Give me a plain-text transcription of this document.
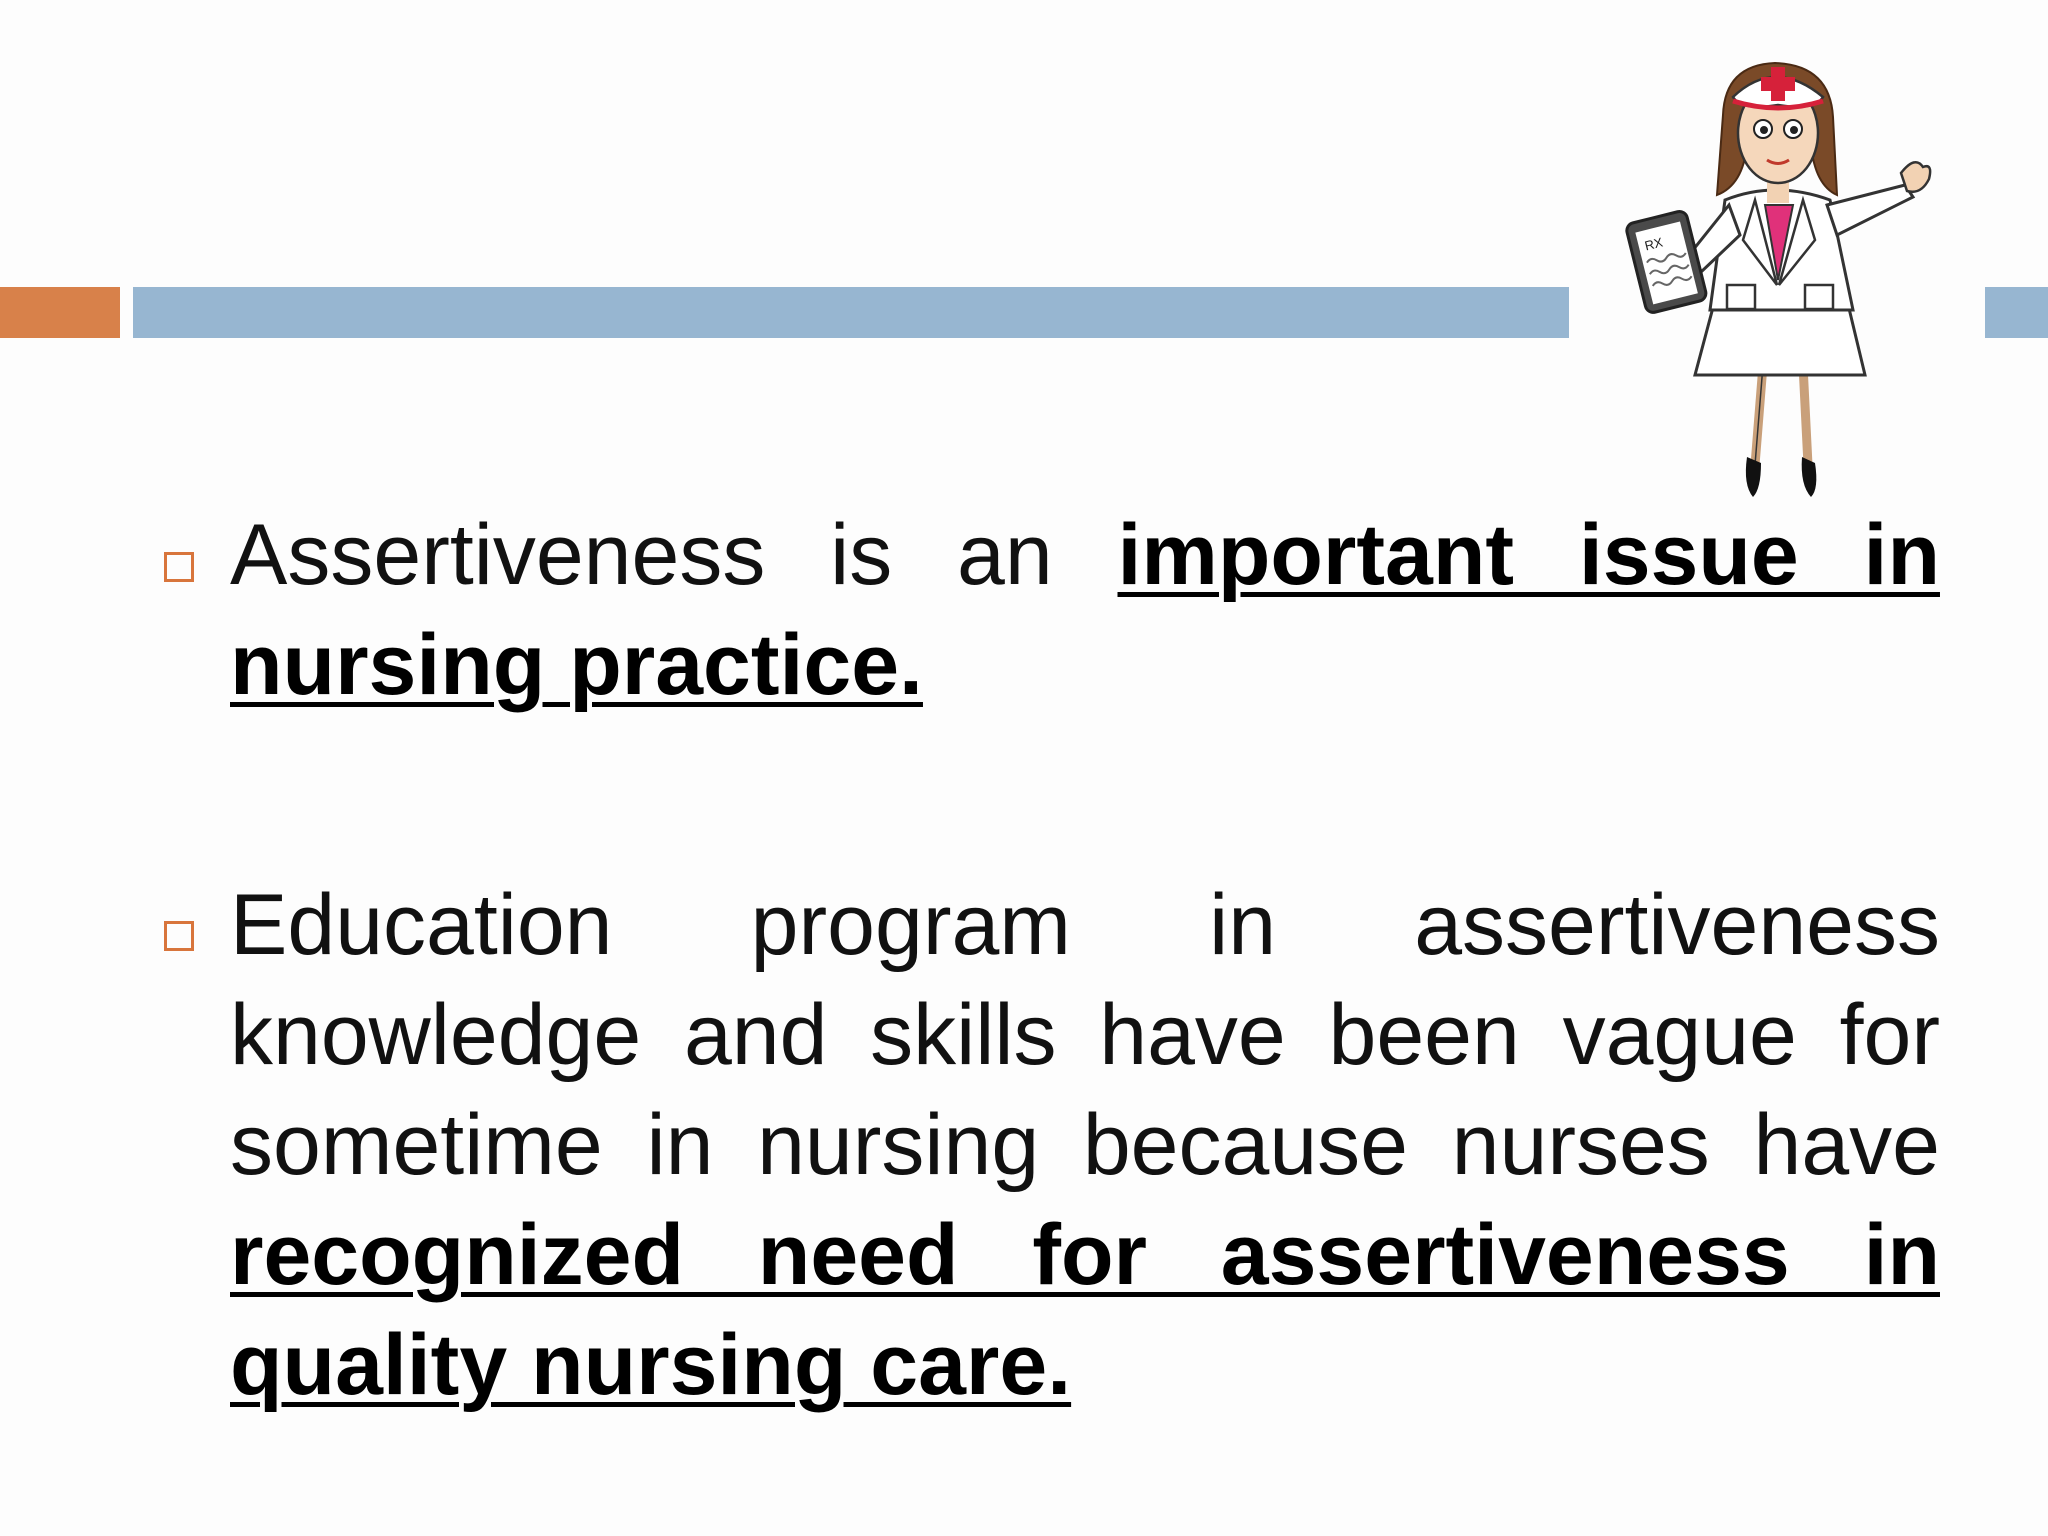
RX

Assertiveness is an important issue in nursing practice.

Education program in assertiveness knowledge and skills have been vague for sometime in nursing because nurses have recognized need for assertiveness in quality nursing care.
